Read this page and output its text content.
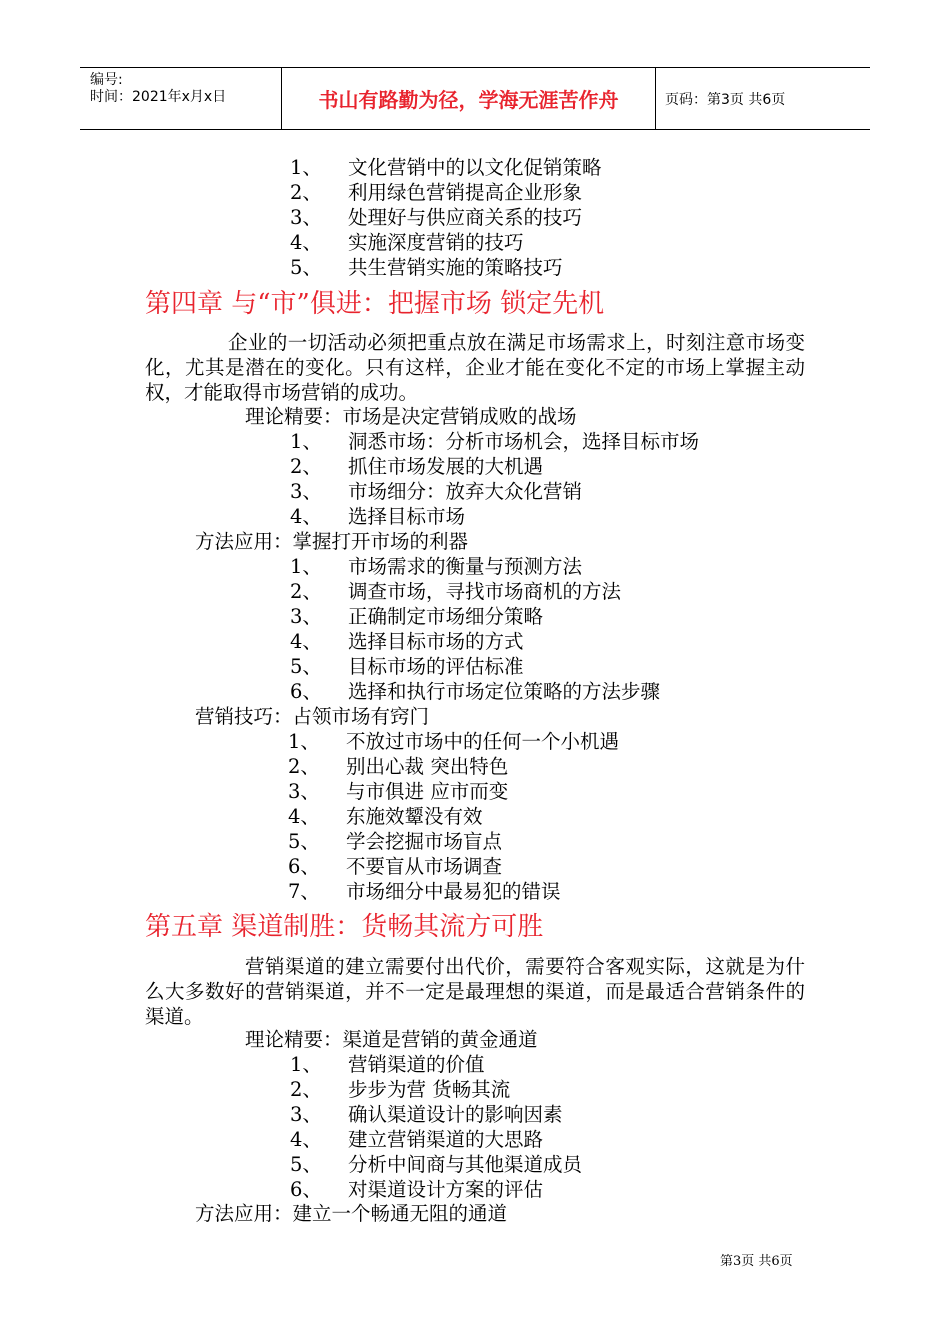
编号:
时间：2021年x月x日	书山有路勤为径，学海无涯苦作舟	页码：第3页 共6页
1、 文化营销中的以文化促销策略
2、 利用绿色营销提高企业形象
3、 处理好与供应商关系的技巧
4、 实施深度营销的技巧
5、 共生营销实施的策略技巧
第四章 与“市”俱进：把握市场 锁定先机
企业的一切活动必须把重点放在满足市场需求上，时刻注意市场变化，尤其是潜在的变化。只有这样，企业才能在变化不定的市场上掌握主动权，才能取得市场营销的成功。
理论精要：市场是决定营销成败的战场
1、 洞悉市场：分析市场机会，选择目标市场
2、 抓住市场发展的大机遇
3、 市场细分：放弃大众化营销
4、 选择目标市场
方法应用：掌握打开市场的利器
1、 市场需求的衡量与预测方法
2、 调查市场，寻找市场商机的方法
3、 正确制定市场细分策略
4、 选择目标市场的方式
5、 目标市场的评估标准
6、 选择和执行市场定位策略的方法步骤
营销技巧：占领市场有窍门
1、 不放过市场中的任何一个小机遇
2、 别出心裁 突出特色
3、 与市俱进 应市而变
4、 东施效颦没有效
5、 学会挖掘市场盲点
6、 不要盲从市场调查
7、 市场细分中最易犯的错误
第五章 渠道制胜：货畅其流方可胜
营销渠道的建立需要付出代价，需要符合客观实际，这就是为什么大多数好的营销渠道，并不一定是最理想的渠道，而是最适合营销条件的渠道。
理论精要：渠道是营销的黄金通道
1、 营销渠道的价值
2、 步步为营 货畅其流
3、 确认渠道设计的影响因素
4、 建立营销渠道的大思路
5、 分析中间商与其他渠道成员
6、 对渠道设计方案的评估
方法应用：建立一个畅通无阻的通道
第3页 共6页
